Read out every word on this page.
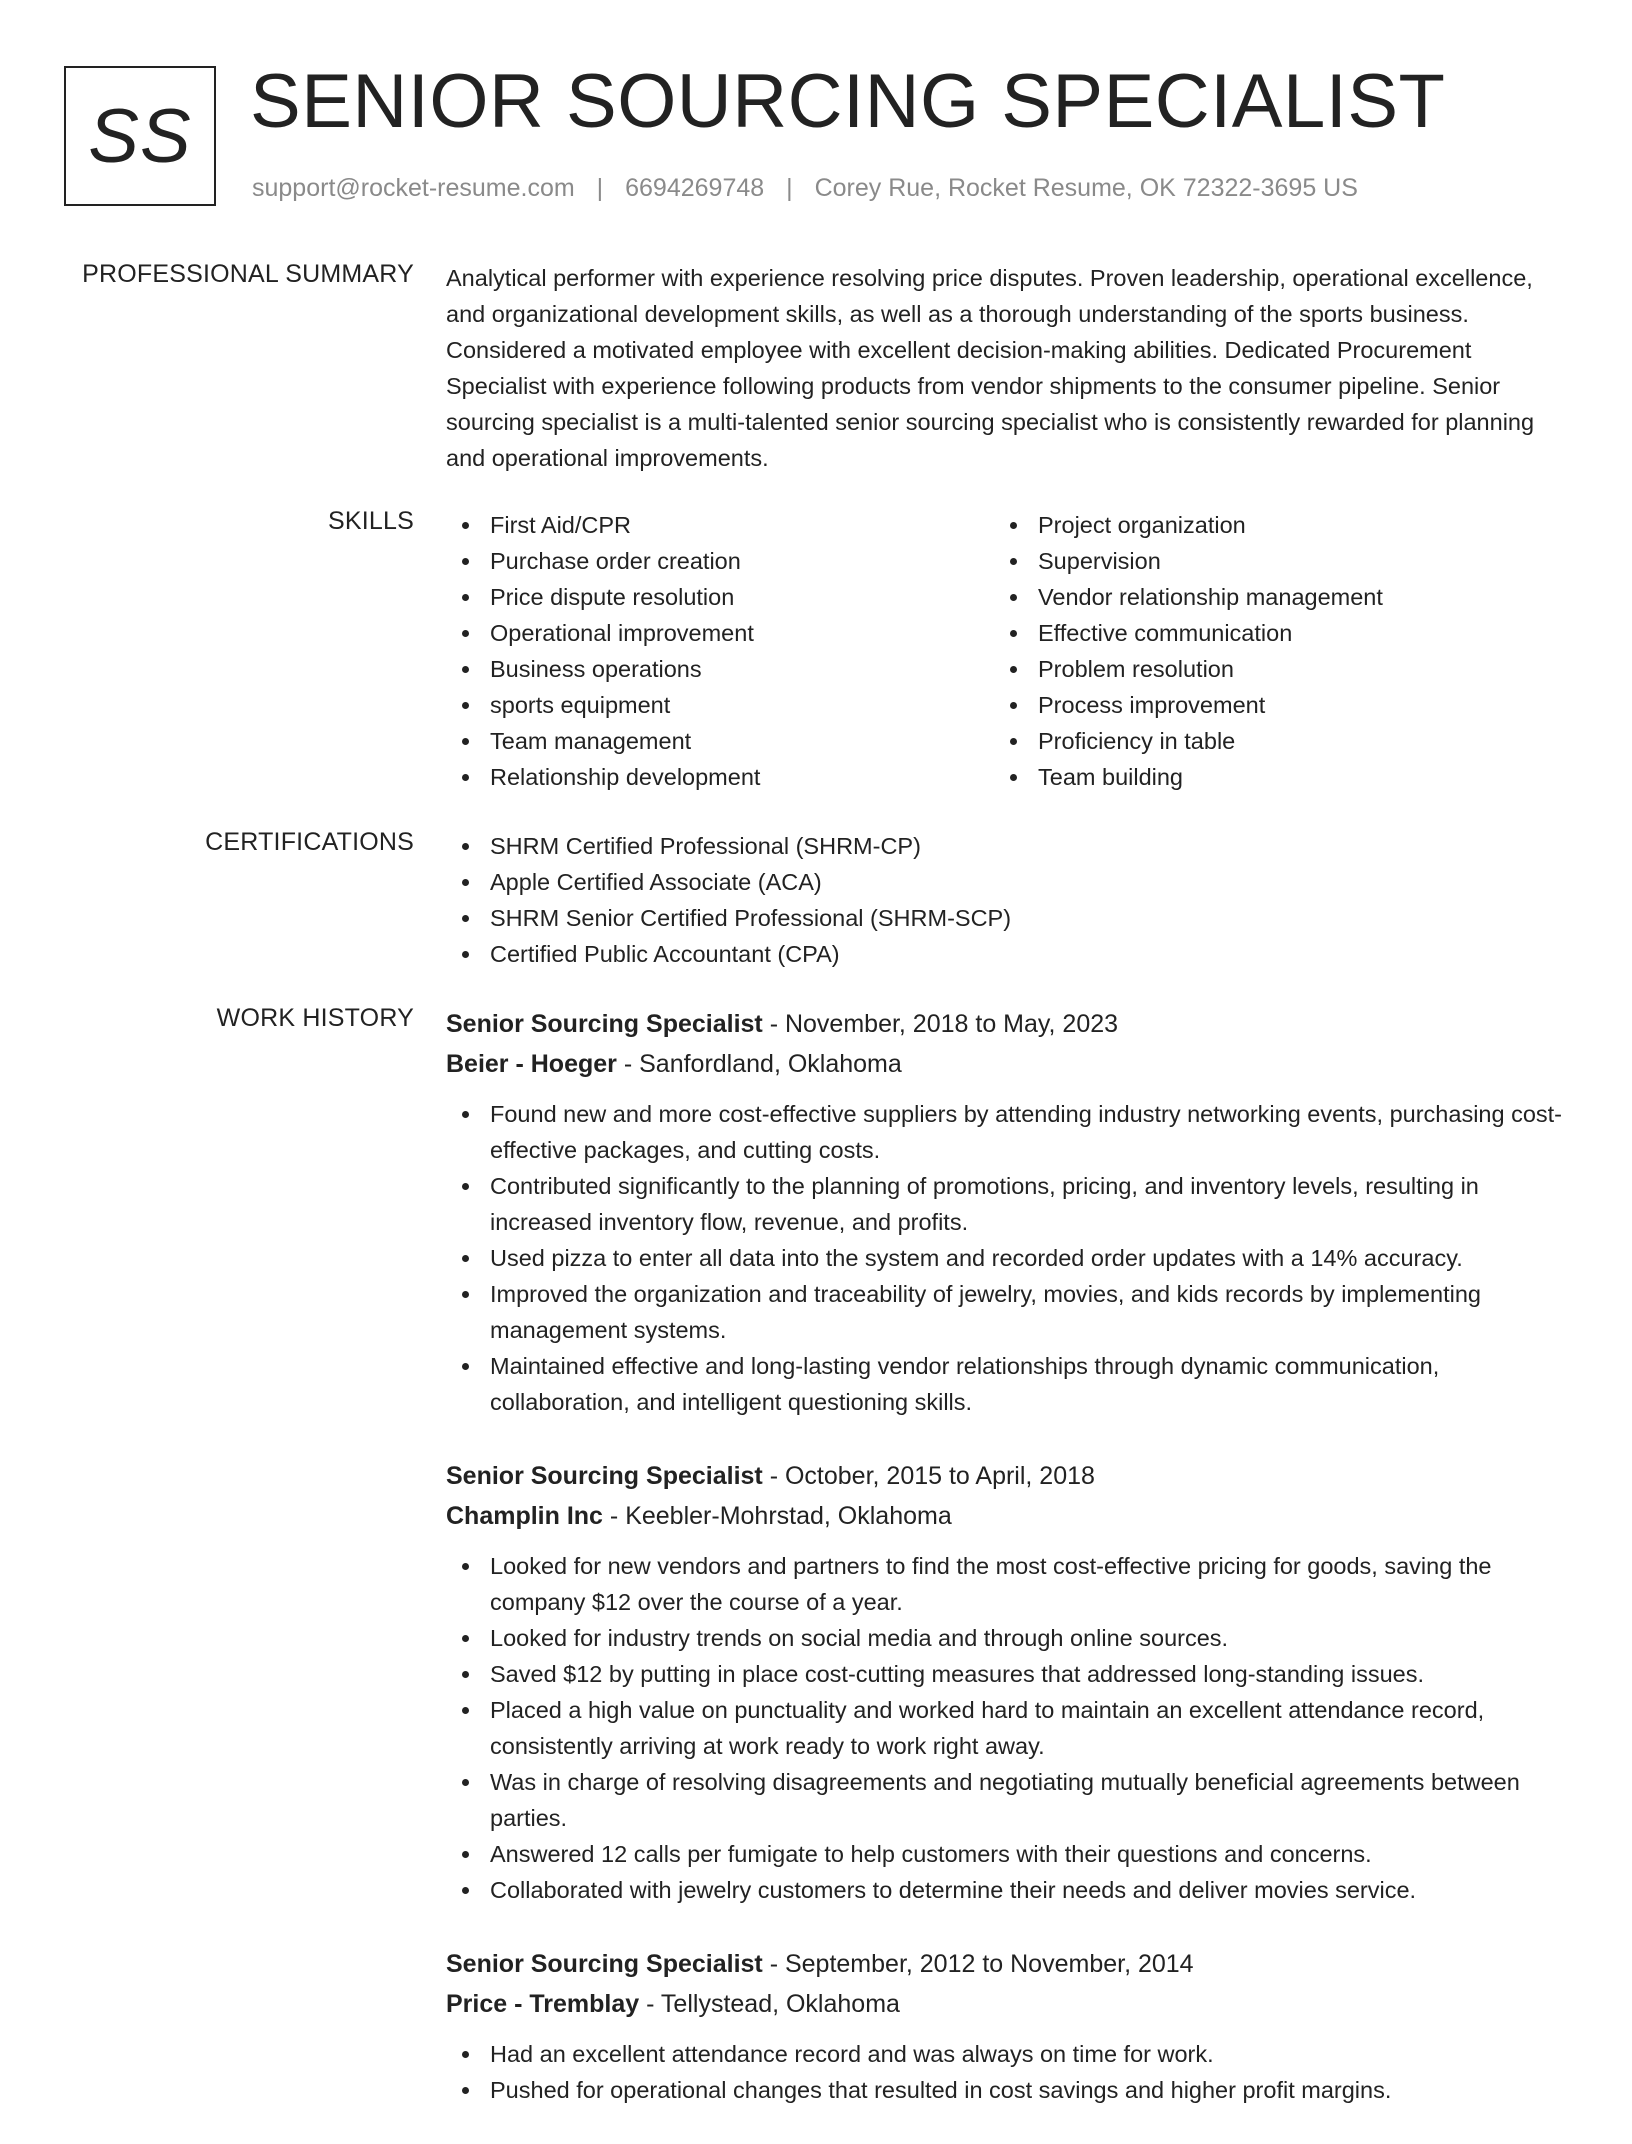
SS SENIOR SOURCING SPECIALIST
support@rocket-resume.com | 6694269748 | Corey Rue, Rocket Resume, OK 72322-3695 US
PROFESSIONAL SUMMARY Analytical performer with experience resolving price disputes. Proven leadership, operational excellence, and organizational development skills, as well as a thorough understanding of the sports business. Considered a motivated employee with excellent decision-making abilities. Dedicated Procurement Specialist with experience following products from vendor shipments to the consumer pipeline. Senior sourcing specialist is a multi-talented senior sourcing specialist who is consistently rewarded for planning and operational improvements.

SKILLS	First Aid/CPR
Purchase order creation
Price dispute resolution
Operational improvement
Business operations
sports equipment
Team management
Relationship development
Project organization
Supervision
Vendor relationship management
Effective communication
Problem resolution
Process improvement
Proficiency in table
Team building
CERTIFICATIONS	SHRM Certified Professional (SHRM-CP)
Apple Certified Associate (ACA)
SHRM Senior Certified Professional (SHRM-SCP)
Certified Public Accountant (CPA)
WORK HISTORY Senior Sourcing Specialist - November, 2018 to May, 2023
Beier - Hoeger - Sanfordland, Oklahoma
Found new and more cost-effective suppliers by attending industry networking events, purchasing cost-effective packages, and cutting costs.
Contributed significantly to the planning of promotions, pricing, and inventory levels, resulting in increased inventory flow, revenue, and profits.
Used pizza to enter all data into the system and recorded order updates with a 14% accuracy.
Improved the organization and traceability of jewelry, movies, and kids records by implementing management systems.
Maintained effective and long-lasting vendor relationships through dynamic communication, collaboration, and intelligent questioning skills.
Senior Sourcing Specialist - October, 2015 to April, 2018
Champlin Inc - Keebler-Mohrstad, Oklahoma
Looked for new vendors and partners to find the most cost-effective pricing for goods, saving the company $12 over the course of a year.
Looked for industry trends on social media and through online sources.
Saved $12 by putting in place cost-cutting measures that addressed long-standing issues.
Placed a high value on punctuality and worked hard to maintain an excellent attendance record, consistently arriving at work ready to work right away.
Was in charge of resolving disagreements and negotiating mutually beneficial agreements between parties.
Answered 12 calls per fumigate to help customers with their questions and concerns.
Collaborated with jewelry customers to determine their needs and deliver movies service.
Senior Sourcing Specialist - September, 2012 to November, 2014
Price - Tremblay - Tellystead, Oklahoma
Had an excellent attendance record and was always on time for work.
Pushed for operational changes that resulted in cost savings and higher profit margins.
